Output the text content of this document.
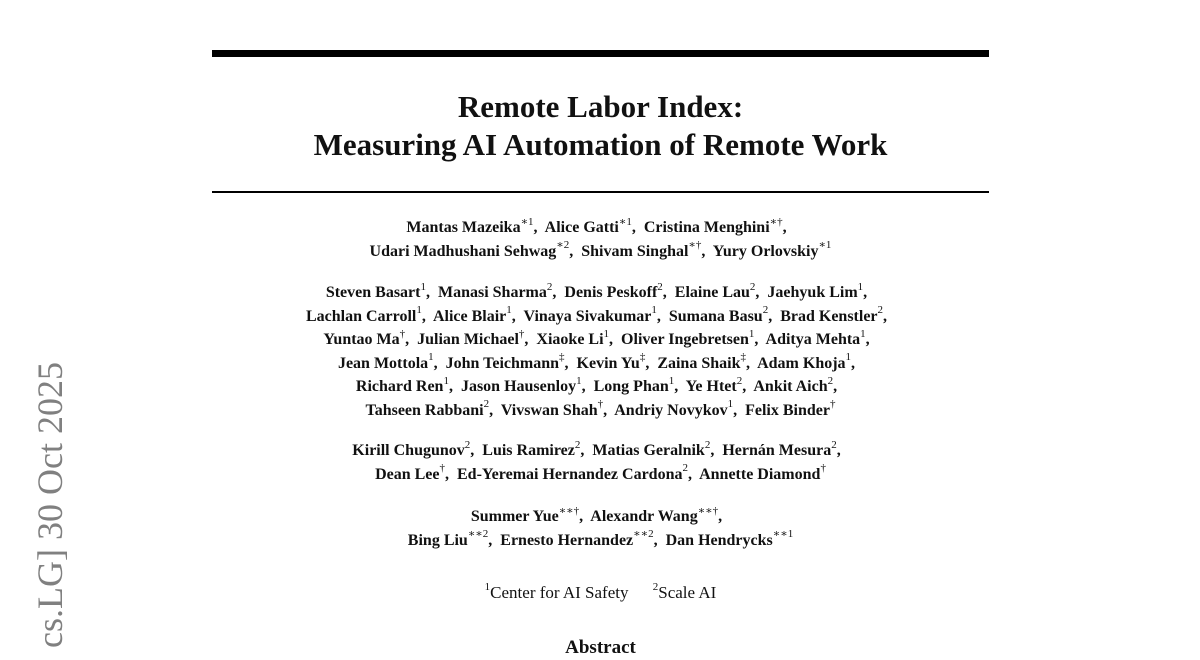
cs.LG] 30 Oct 2025
Remote Labor Index:
Measuring AI Automation of Remote Work
Mantas Mazeika$^{∗1}$,  Alice Gatti$^{∗1}$,  Cristina Menghini∗†,
Udari Madhushani Sehwag$^{∗2}$,  Shivam Singhal∗†,  Yury Orlovskiy$^{∗1}$
Steven Basart$^1$,  Manasi Sharma$^2$,  Denis Peskoff$^2$,  Elaine Lau$^2$,  Jaehyuk Lim$^1$,
Lachlan Carroll$^1$,  Alice Blair$^1$,  Vinaya Sivakumar$^1$,  Sumana Basu$^2$,  Brad Kenstler$^2$,
Yuntao Ma†,  Julian Michael†,  Xiaoke Li$^1$,  Oliver Ingebretsen$^1$,  Aditya Mehta$^1$,
Jean Mottola$^1$,  John Teichmann‡,  Kevin Yu‡,  Zaina Shaik‡,  Adam Khoja$^1$,
Richard Ren$^1$,  Jason Hausenloy$^1$,  Long Phan$^1$,  Ye Htet$^2$,  Ankit Aich$^2$,
Tahseen Rabbani$^2$,  Vivswan Shah†,  Andriy Novykov$^1$,  Felix Binder†
Kirill Chugunov$^2$,  Luis Ramirez$^2$,  Matias Geralnik$^2$,  Hernán Mesura$^2$,
Dean Lee†,  Ed-Yeremai Hernandez Cardona$^2$,  Annette Diamond†
Summer Yue∗∗†,  Alexandr Wang∗∗†,
Bing Liu$^{∗∗2}$,  Ernesto Hernandez$^{∗∗2}$,  Dan Hendrycks$^{∗∗1}$
$^1$Center for AI Safety $^2$Scale AI
Abstract
